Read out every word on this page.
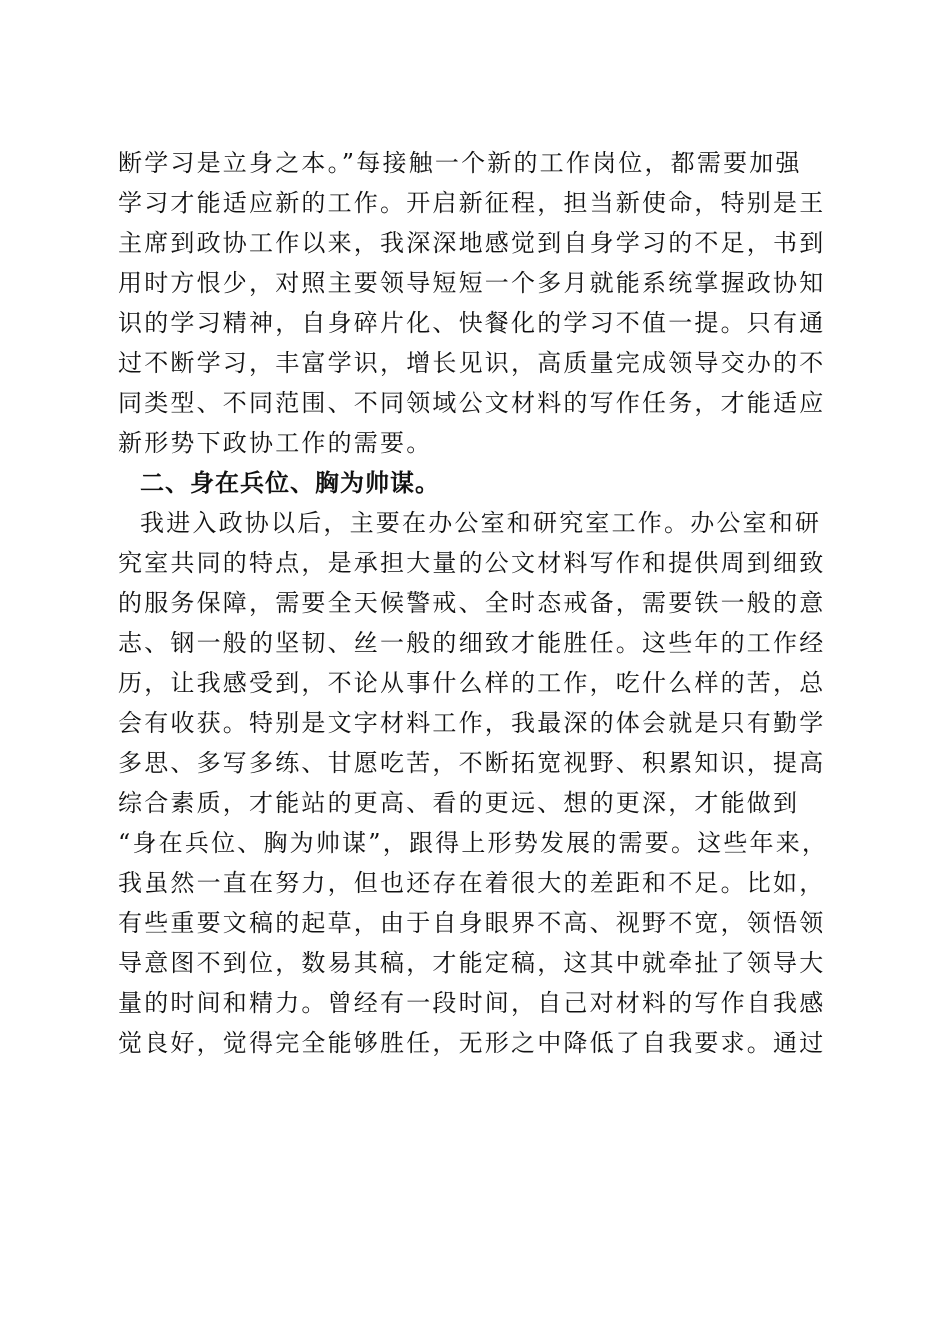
断学习是立身之本。”每接触一个新的工作岗位，都需要加强
学习才能适应新的工作。开启新征程，担当新使命，特别是王
主席到政协工作以来，我深深地感觉到自身学习的不足，书到
用时方恨少，对照主要领导短短一个多月就能系统掌握政协知
识的学习精神，自身碎片化、快餐化的学习不值一提。只有通
过不断学习，丰富学识，增长见识，高质量完成领导交办的不
同类型、不同范围、不同领域公文材料的写作任务，才能适应
新形势下政协工作的需要。
二、身在兵位、胸为帅谋。
我进入政协以后，主要在办公室和研究室工作。办公室和研
究室共同的特点，是承担大量的公文材料写作和提供周到细致
的服务保障，需要全天候警戒、全时态戒备，需要铁一般的意
志、钢一般的坚韧、丝一般的细致才能胜任。这些年的工作经
历，让我感受到，不论从事什么样的工作，吃什么样的苦，总
会有收获。特别是文字材料工作，我最深的体会就是只有勤学
多思、多写多练、甘愿吃苦，不断拓宽视野、积累知识，提高
综合素质，才能站的更高、看的更远、想的更深，才能做到
“身在兵位、胸为帅谋”，跟得上形势发展的需要。这些年来，
我虽然一直在努力，但也还存在着很大的差距和不足。比如，
有些重要文稿的起草，由于自身眼界不高、视野不宽，领悟领
导意图不到位，数易其稿，才能定稿，这其中就牵扯了领导大
量的时间和精力。曾经有一段时间，自己对材料的写作自我感
觉良好，觉得完全能够胜任，无形之中降低了自我要求。通过
